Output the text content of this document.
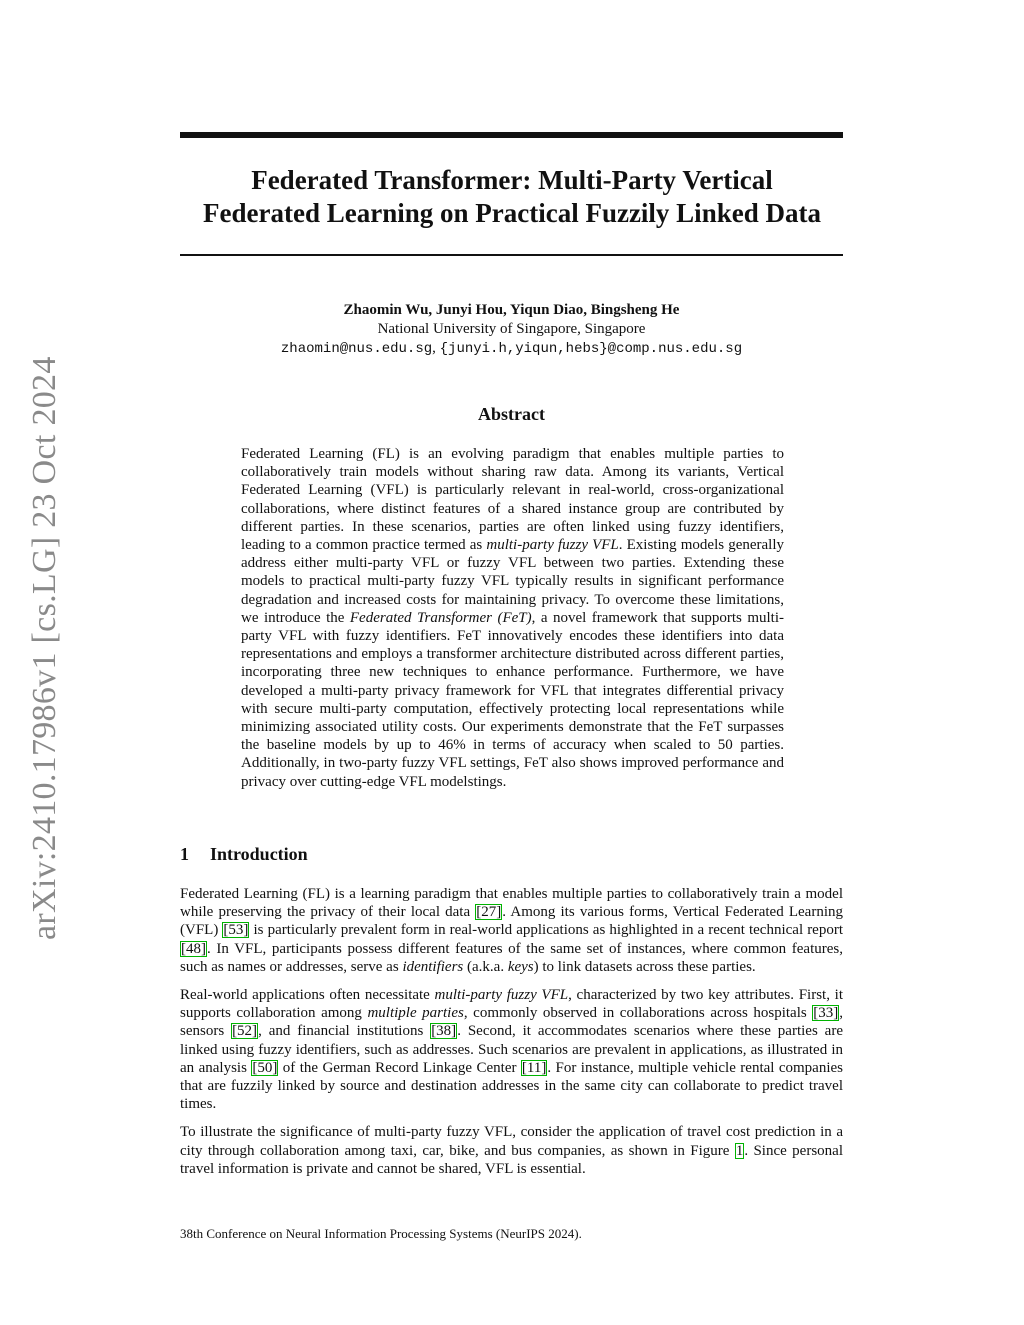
arXiv:2410.17986v1 [cs.LG] 23 Oct 2024
Federated Transformer: Multi-Party Vertical
Federated Learning on Practical Fuzzily Linked Data
Zhaomin Wu, Junyi Hou, Yiqun Diao, Bingsheng He
National University of Singapore, Singapore
zhaomin@nus.edu.sg, {junyi.h,yiqun,hebs}@comp.nus.edu.sg
Abstract
Federated Learning (FL) is an evolving paradigm that enables multiple parties to collaboratively train models without sharing raw data. Among its variants, Vertical Federated Learning (VFL) is particularly relevant in real-world, cross-organizational collaborations, where distinct features of a shared instance group are contributed by different parties. In these scenarios, parties are often linked using fuzzy identifiers, leading to a common practice termed as multi-party fuzzy VFL. Existing models generally address either multi-party VFL or fuzzy VFL between two parties. Extending these models to practical multi-party fuzzy VFL typically results in significant performance degradation and increased costs for maintaining privacy. To overcome these limitations, we introduce the Federated Transformer (FeT), a novel framework that supports multi-party VFL with fuzzy identifiers. FeT innovatively encodes these identifiers into data representations and employs a transformer architecture distributed across different parties, incorporating three new techniques to enhance performance. Furthermore, we have developed a multi-party privacy framework for VFL that integrates differential privacy with secure multi-party computation, effectively protecting local representations while minimizing associated utility costs. Our experiments demonstrate that the FeT surpasses the baseline models by up to 46% in terms of accuracy when scaled to 50 parties. Additionally, in two-party fuzzy VFL settings, FeT also shows improved performance and privacy over cutting-edge VFL modelstings.
1 Introduction

Federated Learning (FL) is a learning paradigm that enables multiple parties to collaboratively train a model while preserving the privacy of their local data [27]. Among its various forms, Vertical Federated Learning (VFL) [53] is particularly prevalent form in real-world applications as highlighted in a recent technical report [48]. In VFL, participants possess different features of the same set of instances, where common features, such as names or addresses, serve as identifiers (a.k.a. keys) to link datasets across these parties.

Real-world applications often necessitate multi-party fuzzy VFL, characterized by two key attributes. First, it supports collaboration among multiple parties, commonly observed in collaborations across hospitals [33], sensors [52], and financial institutions [38]. Second, it accommodates scenarios where these parties are linked using fuzzy identifiers, such as addresses. Such scenarios are prevalent in applications, as illustrated in an analysis [50] of the German Record Linkage Center [11]. For instance, multiple vehicle rental companies that are fuzzily linked by source and destination addresses in the same city can collaborate to predict travel times.

To illustrate the significance of multi-party fuzzy VFL, consider the application of travel cost prediction in a city through collaboration among taxi, car, bike, and bus companies, as shown in Figure 1. Since personal travel information is private and cannot be shared, VFL is essential.

38th Conference on Neural Information Processing Systems (NeurIPS 2024).
